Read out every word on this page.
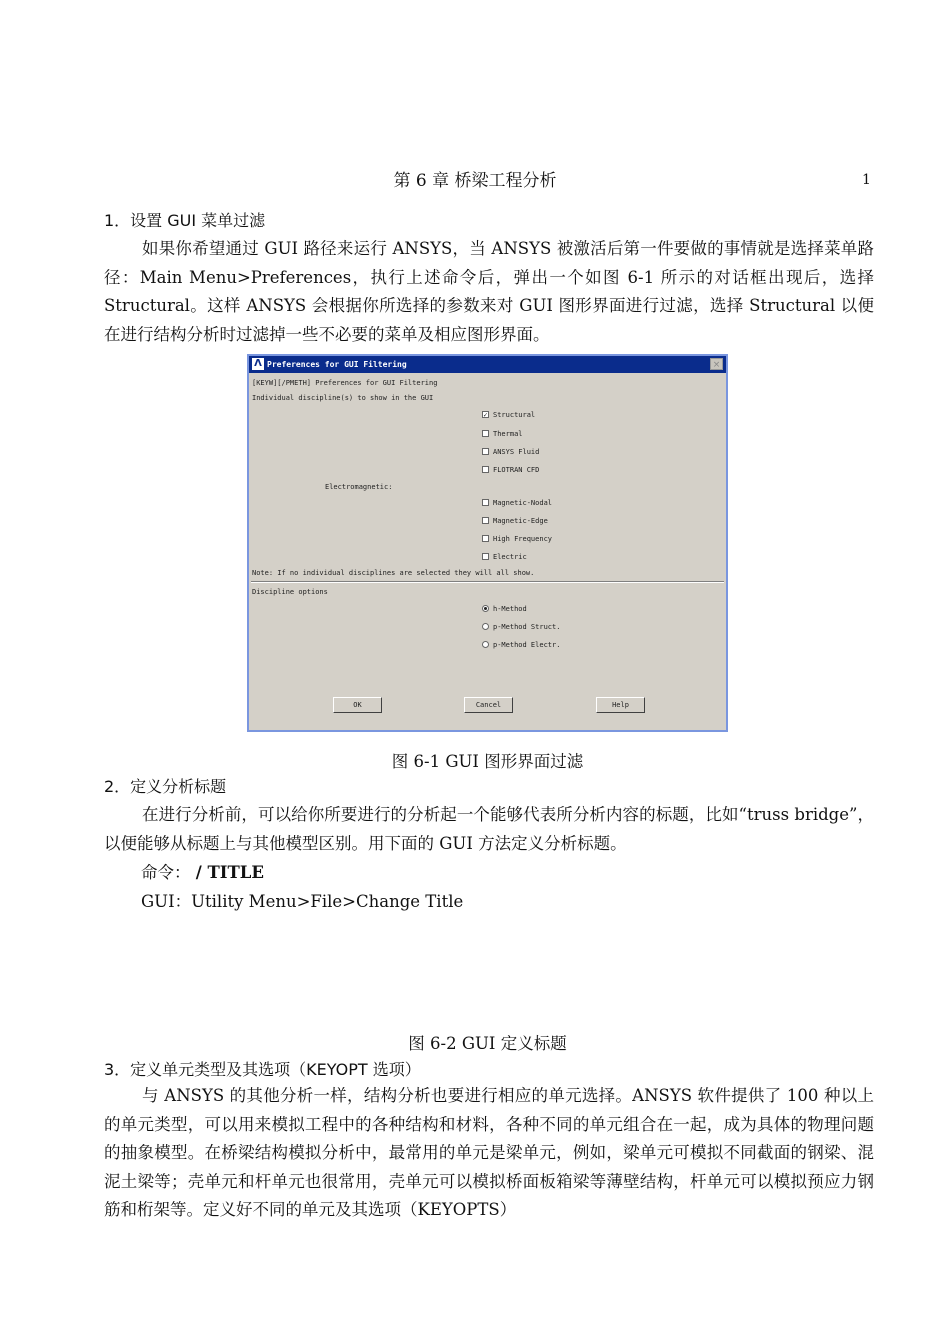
第 6 章 桥梁工程分析	1
1．设置 GUI 菜单过滤
如果你希望通过 GUI 路径来运行 ANSYS，当 ANSYS 被激活后第一件要做的事情就是选择菜单路径：Main Menu>Preferences，执行上述命令后，弹出一个如图 6-1 所示的对话框出现后，选择 Structural。这样 ANSYS 会根据你所选择的参数来对 GUI 图形界面进行过滤，选择 Structural 以便在进行结构分析时过滤掉一些不必要的菜单及相应图形界面。
Λ Preferences for GUI Filtering	×
[KEYW][/PMETH] Preferences for GUI Filtering
Individual discipline(s) to show in the GUI
✓ Structural
Thermal
ANSYS Fluid
FLOTRAN CFD
Electromagnetic:
Magnetic-Nodal
Magnetic-Edge
High Frequency
Electric
Note: If no individual disciplines are selected they will all show.
Discipline options
h-Method
p-Method Struct.
p-Method Electr.
OK	Cancel	Help
图 6-1 GUI 图形界面过滤
2．定义分析标题
在进行分析前，可以给你所要进行的分析起一个能够代表所分析内容的标题，比如“truss bridge”，以便能够从标题上与其他模型区别。用下面的 GUI 方法定义分析标题。
命令： / TITLE
GUI：Utility Menu>File>Change Title
图 6-2 GUI 定义标题
3．定义单元类型及其选项（KEYOPT 选项）
与 ANSYS 的其他分析一样，结构分析也要进行相应的单元选择。ANSYS 软件提供了 100 种以上的单元类型，可以用来模拟工程中的各种结构和材料，各种不同的单元组合在一起，成为具体的物理问题的抽象模型。在桥梁结构模拟分析中，最常用的单元是梁单元，例如，梁单元可模拟不同截面的钢梁、混泥土梁等；壳单元和杆单元也很常用，壳单元可以模拟桥面板箱梁等薄壁结构，杆单元可以模拟预应力钢筋和桁架等。定义好不同的单元及其选项（KEYOPTS）
